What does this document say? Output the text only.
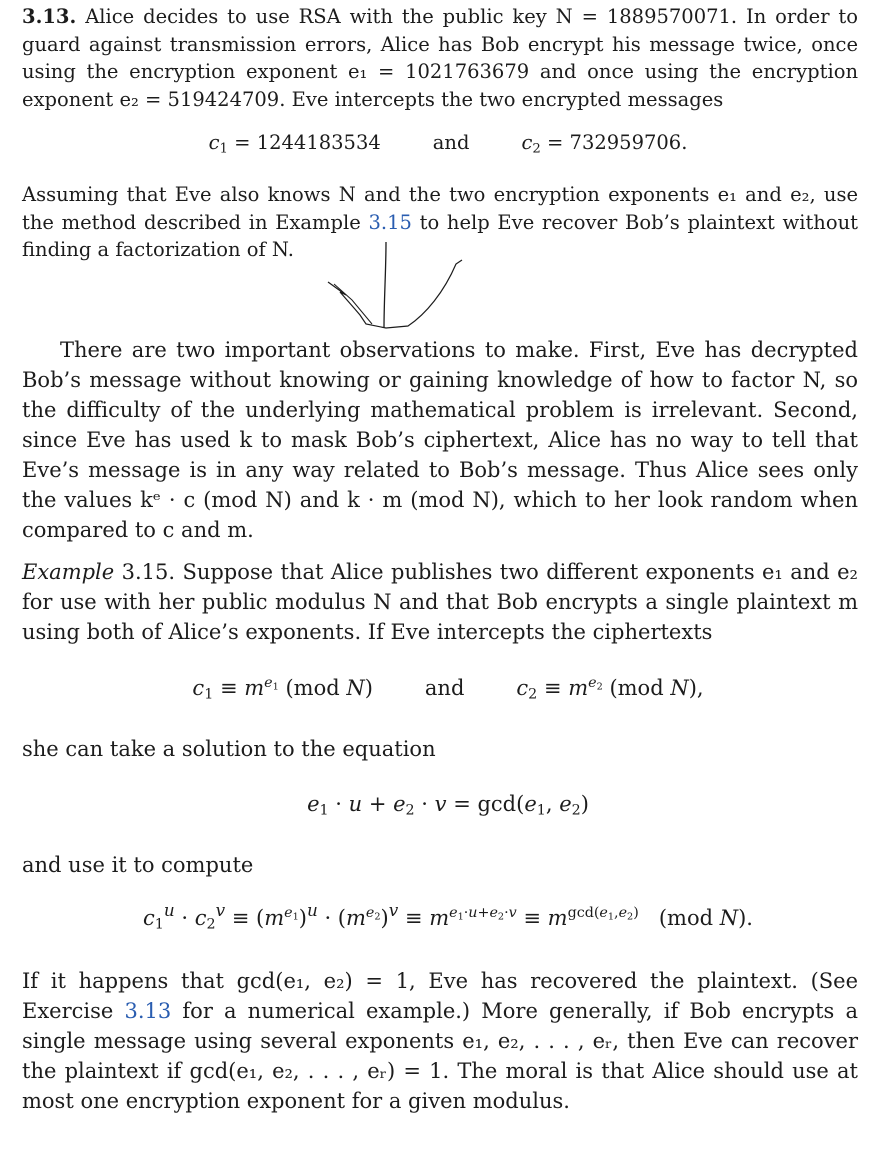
3.13. Alice decides to use RSA with the public key N = 1889570071. In order to guard against transmission errors, Alice has Bob encrypt his message twice, once using the encryption exponent e₁ = 1021763679 and once using the encryption exponent e₂ = 519424709. Eve intercepts the two encrypted messages

$c_1 = 1244183534$	and	$c_2 = 732959706$.

Assuming that Eve also knows N and the two encryption exponents e₁ and e₂, use the method described in Example 3.15 to help Eve recover Bob’s plaintext without finding a factorization of N.

There are two important observations to make. First, Eve has decrypted Bob’s message without knowing or gaining knowledge of how to factor N, so the difficulty of the underlying mathematical problem is irrelevant. Second, since Eve has used k to mask Bob’s ciphertext, Alice has no way to tell that Eve’s message is in any way related to Bob’s message. Thus Alice sees only the values kᵉ · c (mod N) and k · m (mod N), which to her look random when compared to c and m.

Example 3.15. Suppose that Alice publishes two different exponents e₁ and e₂ for use with her public modulus N and that Bob encrypts a single plaintext m using both of Alice’s exponents. If Eve intercepts the ciphertexts

$c_1 \equiv m^{e_1}$ (mod N) and $c_2 \equiv m^{e_2}$ (mod N),

she can take a solution to the equation

$e_1 \cdot u + e_2 \cdot v = \gcd(e_1$, $e_2$)

and use it to compute

$c_1^u \cdot c_2^v \equiv (m^{e_1})^u \cdot (m^{e_2})^v \equiv m^{e_1\cdot u+e_2\cdot v} \equiv m^{gcd(e_1,e_2)}$   (mod N).

If it happens that gcd(e₁, e₂) = 1, Eve has recovered the plaintext. (See Exercise 3.13 for a numerical example.) More generally, if Bob encrypts a single message using several exponents e₁, e₂, . . . , eᵣ, then Eve can recover the plaintext if gcd(e₁, e₂, . . . , eᵣ) = 1. The moral is that Alice should use at most one encryption exponent for a given modulus.
